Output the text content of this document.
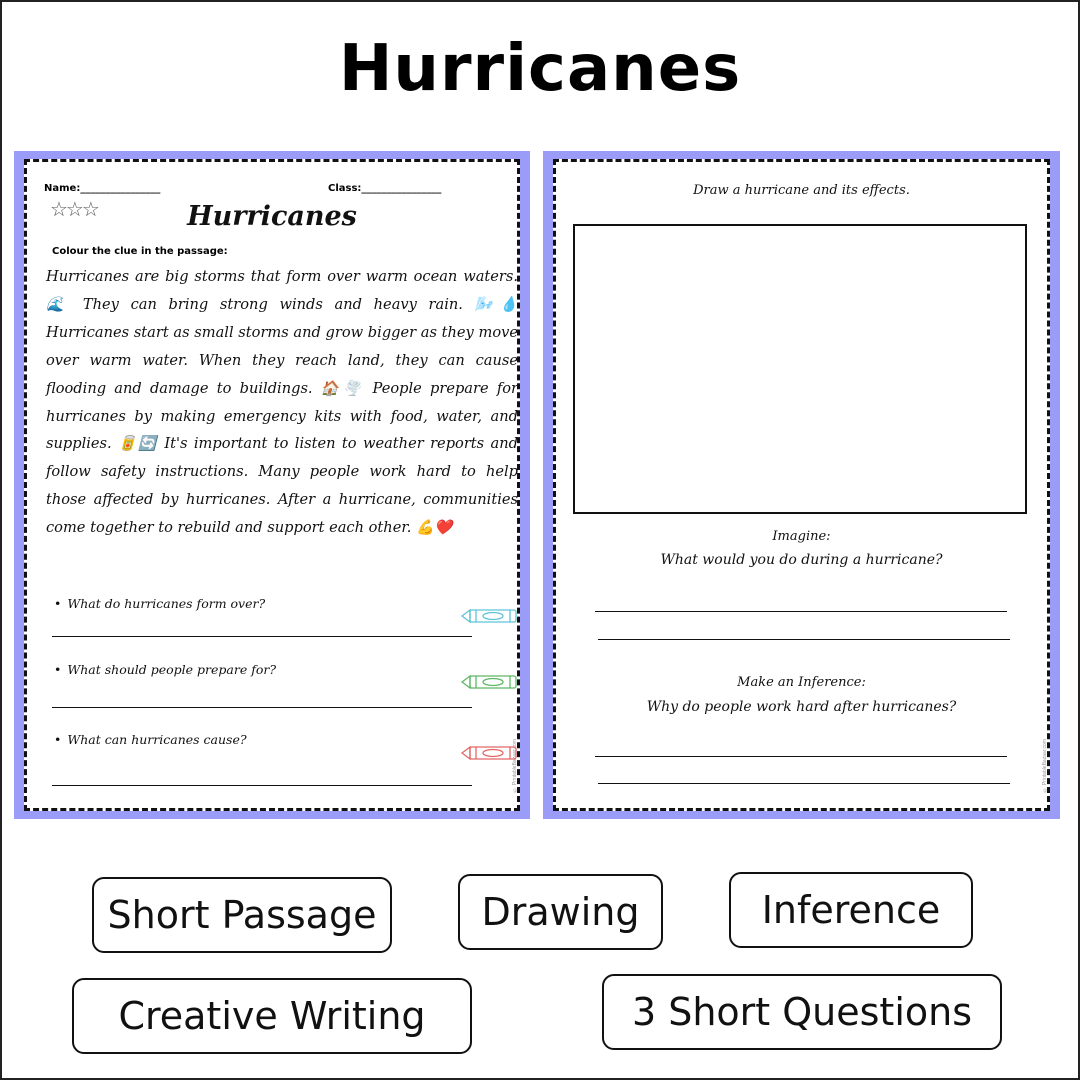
Hurricanes
Name:________________	Class:________________
☆☆☆	Hurricanes
Colour the clue in the passage:
Hurricanes are big storms that form over warm ocean waters. 🌊 They can bring strong winds and heavy rain. 🌬️💧 Hurricanes start as small storms and grow bigger as they move over warm water. When they reach land, they can cause flooding and damage to buildings. 🏠🌪️ People prepare for hurricanes by making emergency kits with food, water, and supplies. 🥫🔄 It's important to listen to weather reports and follow safety instructions. Many people work hard to help those affected by hurricanes. After a hurricane, communities come together to rebuild and support each other. 💪❤️
• What do hurricanes form over?
• What should people prepare for?
• What can hurricanes cause?	© PrintableBazaar.com
Draw a hurricane and its effects.
Imagine:
What would you do during a hurricane?
Make an Inference:
Why do people work hard after hurricanes?
© PrintableBazaar.com
Short Passage	Drawing	Inference
Creative Writing	3 Short Questions
